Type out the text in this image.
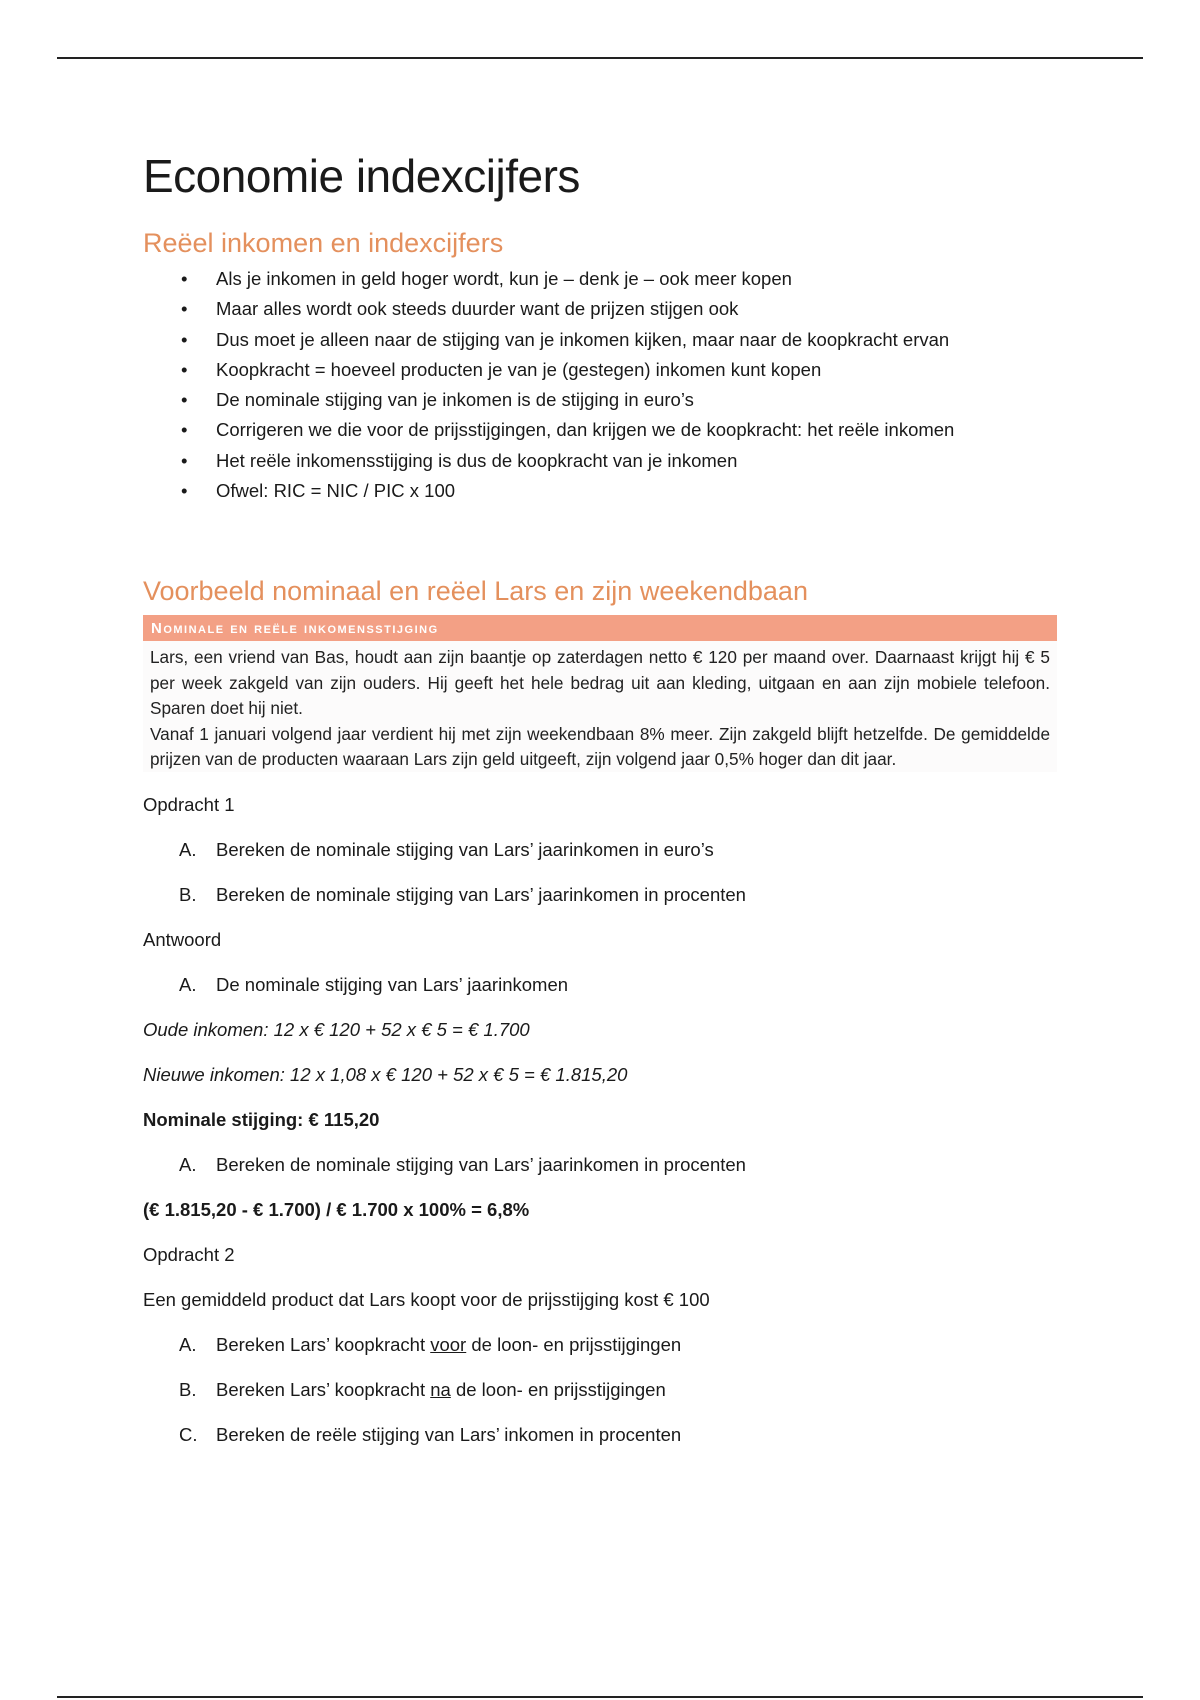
Economie indexcijfers
Reëel inkomen en indexcijfers
• Als je inkomen in geld hoger wordt, kun je – denk je – ook meer kopen
• Maar alles wordt ook steeds duurder want de prijzen stijgen ook
• Dus moet je alleen naar de stijging van je inkomen kijken, maar naar de koopkracht ervan
• Koopkracht = hoeveel producten je van je (gestegen) inkomen kunt kopen
• De nominale stijging van je inkomen is de stijging in euro’s
• Corrigeren we die voor de prijsstijgingen, dan krijgen we de koopkracht: het reële inkomen
• Het reële inkomensstijging is dus de koopkracht van je inkomen
• Ofwel: RIC = NIC / PIC x 100
Voorbeeld nominaal en reëel Lars en zijn weekendbaan
Nominale en reële inkomensstijging

Lars, een vriend van Bas, houdt aan zijn baantje op zaterdagen netto € 120 per maand over. Daarnaast krijgt hij € 5 per week zakgeld van zijn ouders. Hij geeft het hele bedrag uit aan kleding, uitgaan en aan zijn mobiele telefoon. Sparen doet hij niet.

Vanaf 1 januari volgend jaar verdient hij met zijn weekendbaan 8% meer. Zijn zakgeld blijft hetzelfde. De gemiddelde prijzen van de producten waaraan Lars zijn geld uitgeeft, zijn volgend jaar 0,5% hoger dan dit jaar.

Opdracht 1

A. Bereken de nominale stijging van Lars’ jaarinkomen in euro’s
B. Bereken de nominale stijging van Lars’ jaarinkomen in procenten

Antwoord

A. De nominale stijging van Lars’ jaarinkomen

Oude inkomen: 12 x € 120 + 52 x € 5 = € 1.700

Nieuwe inkomen: 12 x 1,08 x € 120 + 52 x € 5 = € 1.815,20

Nominale stijging: € 115,20

A. Bereken de nominale stijging van Lars’ jaarinkomen in procenten

(€ 1.815,20 - € 1.700) / € 1.700 x 100% = 6,8%

Opdracht 2

Een gemiddeld product dat Lars koopt voor de prijsstijging kost € 100

A. Bereken Lars’ koopkracht voor de loon- en prijsstijgingen
B. Bereken Lars’ koopkracht na de loon- en prijsstijgingen
C. Bereken de reële stijging van Lars’ inkomen in procenten
